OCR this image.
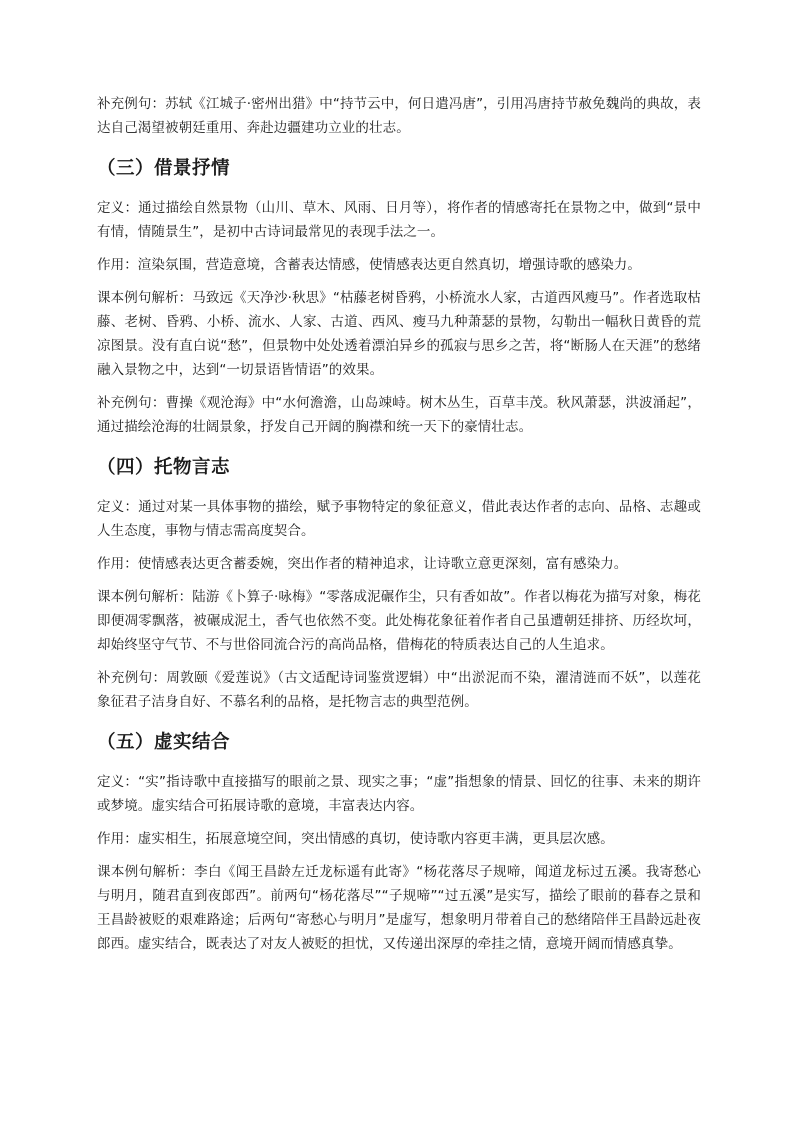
补充例句：苏轼《江城子·密州出猎》中“持节云中，何日遣冯唐”，引用冯唐持节赦免魏尚的典故，表达自己渴望被朝廷重用、奔赴边疆建功立业的壮志。

（三）借景抒情

定义：通过描绘自然景物（山川、草木、风雨、日月等），将作者的情感寄托在景物之中，做到“景中有情，情随景生”，是初中古诗词最常见的表现手法之一。

作用：渲染氛围，营造意境，含蓄表达情感，使情感表达更自然真切，增强诗歌的感染力。

课本例句解析：马致远《天净沙·秋思》“枯藤老树昏鸦，小桥流水人家，古道西风瘦马”。作者选取枯藤、老树、昏鸦、小桥、流水、人家、古道、西风、瘦马九种萧瑟的景物，勾勒出一幅秋日黄昏的荒凉图景。没有直白说“愁”，但景物中处处透着漂泊异乡的孤寂与思乡之苦，将“断肠人在天涯”的愁绪融入景物之中，达到“一切景语皆情语”的效果。

补充例句：曹操《观沧海》中“水何澹澹，山岛竦峙。树木丛生，百草丰茂。秋风萧瑟，洪波涌起”，通过描绘沧海的壮阔景象，抒发自己开阔的胸襟和统一天下的豪情壮志。

（四）托物言志

定义：通过对某一具体事物的描绘，赋予事物特定的象征意义，借此表达作者的志向、品格、志趣或人生态度，事物与情志需高度契合。

作用：使情感表达更含蓄委婉，突出作者的精神追求，让诗歌立意更深刻，富有感染力。

课本例句解析：陆游《卜算子·咏梅》“零落成泥碾作尘，只有香如故”。作者以梅花为描写对象，梅花即便凋零飘落，被碾成泥土，香气也依然不变。此处梅花象征着作者自己虽遭朝廷排挤、历经坎坷，却始终坚守气节、不与世俗同流合污的高尚品格，借梅花的特质表达自己的人生追求。

补充例句：周敦颐《爱莲说》（古文适配诗词鉴赏逻辑）中“出淤泥而不染，濯清涟而不妖”，以莲花象征君子洁身自好、不慕名利的品格，是托物言志的典型范例。

（五）虚实结合

定义：“实”指诗歌中直接描写的眼前之景、现实之事；“虚”指想象的情景、回忆的往事、未来的期许或梦境。虚实结合可拓展诗歌的意境，丰富表达内容。

作用：虚实相生，拓展意境空间，突出情感的真切，使诗歌内容更丰满，更具层次感。

课本例句解析：李白《闻王昌龄左迁龙标遥有此寄》“杨花落尽子规啼，闻道龙标过五溪。我寄愁心与明月，随君直到夜郎西”。前两句“杨花落尽”“子规啼”“过五溪”是实写，描绘了眼前的暮春之景和王昌龄被贬的艰难路途；后两句“寄愁心与明月”是虚写，想象明月带着自己的愁绪陪伴王昌龄远赴夜郎西。虚实结合，既表达了对友人被贬的担忧，又传递出深厚的牵挂之情，意境开阔而情感真挚。
